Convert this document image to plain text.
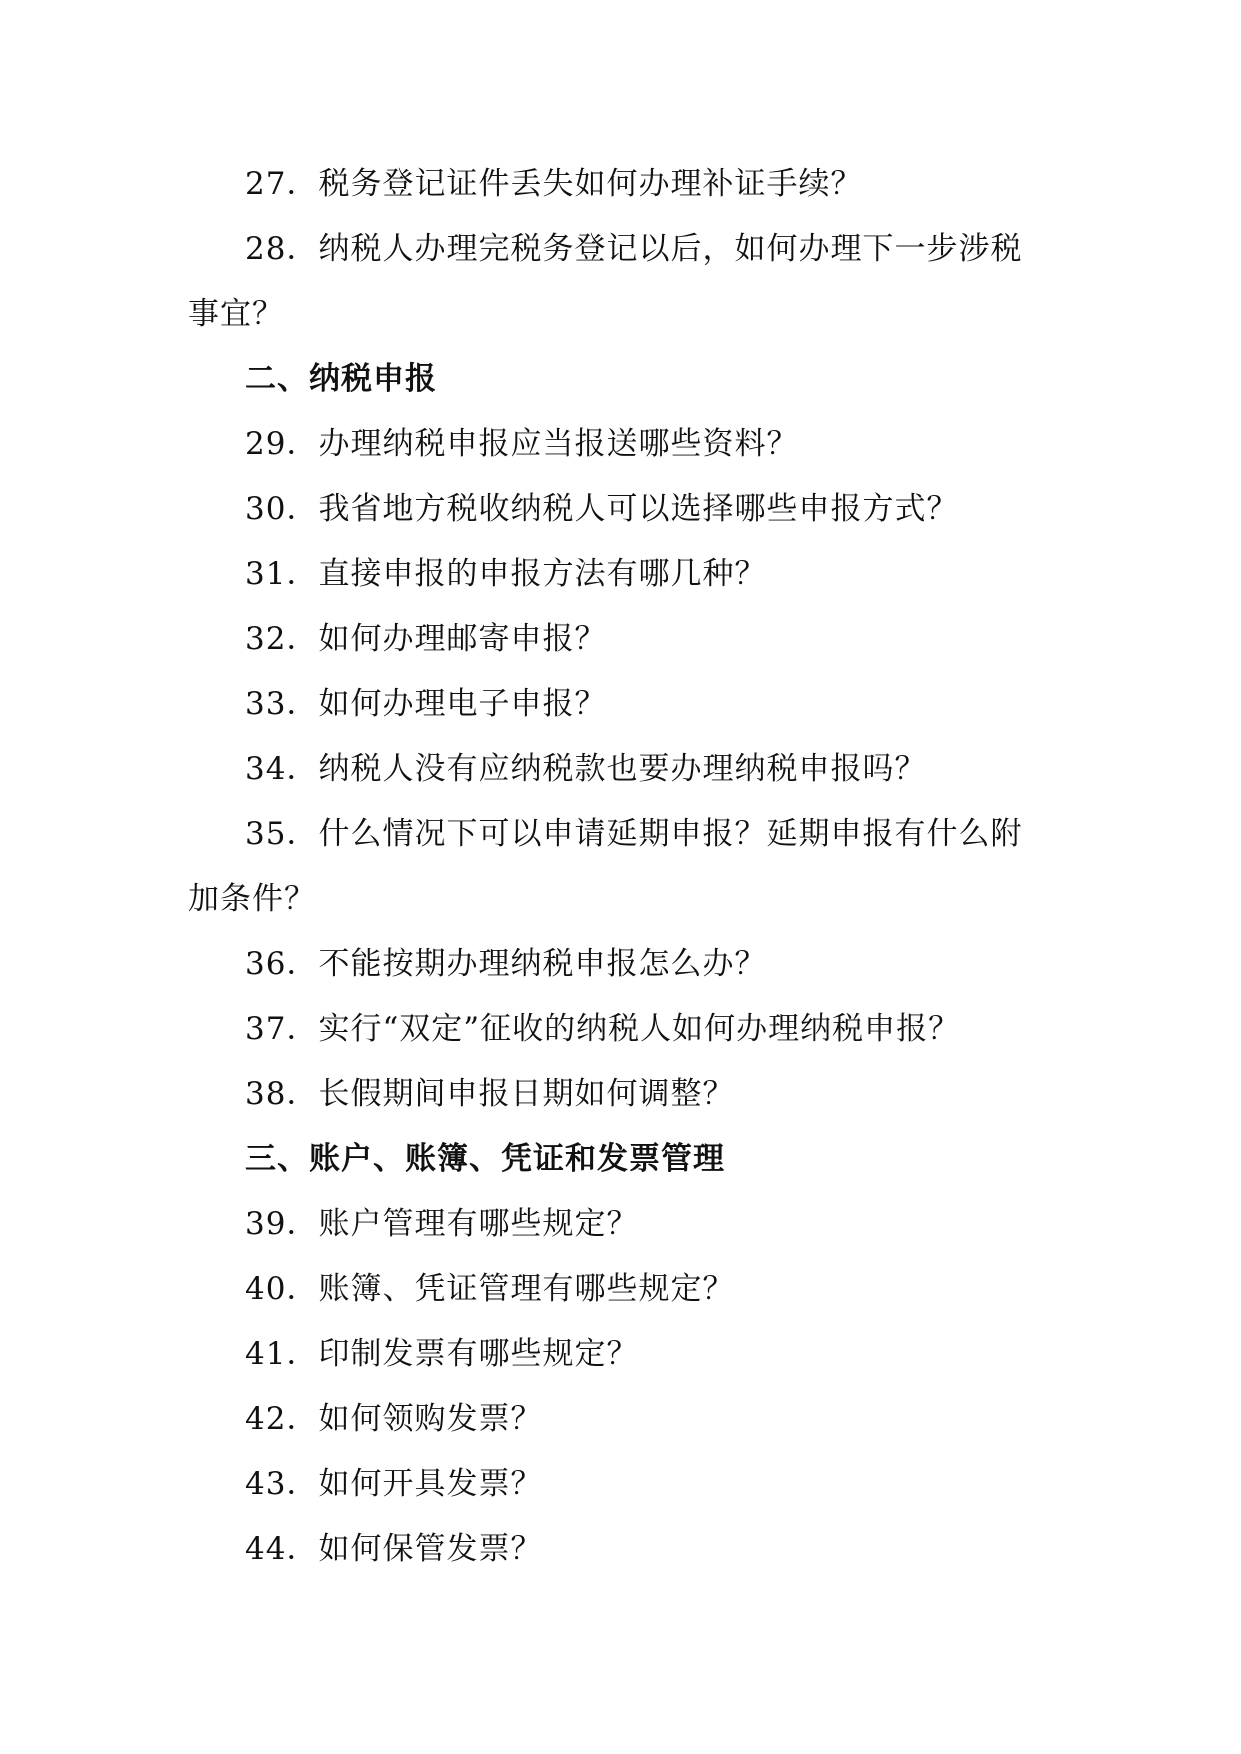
27．税务登记证件丢失如何办理补证手续？
28．纳税人办理完税务登记以后，如何办理下一步涉税
事宜？
二、纳税申报
29．办理纳税申报应当报送哪些资料？
30．我省地方税收纳税人可以选择哪些申报方式？
31．直接申报的申报方法有哪几种？
32．如何办理邮寄申报？
33．如何办理电子申报？
34．纳税人没有应纳税款也要办理纳税申报吗？
35．什么情况下可以申请延期申报？延期申报有什么附
加条件？
36．不能按期办理纳税申报怎么办？
37．实行“双定”征收的纳税人如何办理纳税申报？
38．长假期间申报日期如何调整？
三、账户、账簿、凭证和发票管理
39．账户管理有哪些规定？
40．账簿、凭证管理有哪些规定？
41．印制发票有哪些规定？
42．如何领购发票？
43．如何开具发票？
44．如何保管发票？
